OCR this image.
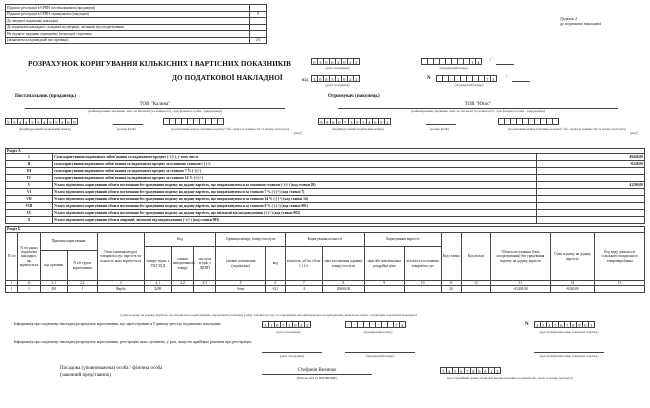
Підлягає реєстрації в ЄРПН постачальником (продавцем)	
Підлягає реєстрації в ЄРПН отримувачем (покупцем)	X
До зведеної податкової накладної	
До податкової накладної, складеної на операції, звільнені від оподаткування	
Не підлягає наданню отримувачу (покупцю) з причини	
(зазначається відповідний тип причини)	2 0
Додаток 2
до податкової накладної
РОЗРАХУНОК КОРИГУВАННЯ КІЛЬКІСНИХ І ВАРТІСНИХ ПОКАЗНИКІВ
ДО ПОДАТКОВОЇ НАКЛАДНОЇ	від
0 3 0 6 2 0 2 2
(дата складання)
1 4	/
(порядковий номер)
3 0 0 5 2 0 2 2
(дата складання)
N	7 3	/
(порядковий номер)
Постачальник (продавець)
ТОВ "Калина"
(найменування; прізвище, ім'я, по батькові (за наявності) - для фізичної особи - підприємця)
5 5 4 4 5 5 4 5 5 4 6 0
(індивідуальний податковий номер)	(номер філії)	(податковий номер платника податку¹ або серія (за наявності) та номер паспорта)
(код²)
Отримувач (покупець)
ТОВ "Юпіс"
(найменування; прізвище, ім'я, по батькові (за наявності) - для фізичної особи - підприємця)
9 8 6 0 7 3 5 5 4 6 5 2
(індивідуальний податковий номер)	(номер філії)	(податковий номер платника податку¹ або серія (за наявності) та номер паспорта)
(код²)
Розділ А		
I	Сума коригування податкового зобов'язання та податкового кредиту (-) (+), у тому числі	-49440,00
II	сума коригування податкового зобов'язання та податкового кредиту за основною ставкою (-) (+)	-8240,00
III	сума коригування податкового зобов'язання та податкового кредиту за ставкою 7 % (-) (+)	
IV	сума коригування податкового зобов'язання та податкового кредиту за ставкою 14 % (-) (+)	
V	Усього підлягають коригуванню обсяги постачання без урахування податку на додану вартість, що оподатковуються за основною ставкою (-) (+) (код ставки 20)	-41200,00
VI	Усього підлягають коригуванню обсяги постачання без урахування податку на додану вартість, що оподатковуються за ставкою 7 % (-) (+) (код ставки 7)	
VII	Усього підлягають коригуванню обсяги постачання без урахування податку на додану вартість, що оподатковуються за ставкою 14 % (-) (+) (код ставки 14)	
VIII	Усього підлягають коригуванню обсяги постачання без урахування податку на додану вартість, що оподатковуються за ставкою 0 % (-) (+) (код ставки 901)	
IX	Усього підлягають коригуванню обсяги постачання без урахування податку на додану вартість, що звільнені від оподаткування (-) (+) (код ставки 902)	
X	Усього підлягають коригуванню обсяги операцій, звільнені від оподаткування (-) (+) (код ставки 903)	
Розділ Б																		
N з/п	N з/п рядка податкової накладної, що коригується	Причина коригування		Опис (номенклатура) товарів/послуг, вартість чи кількість яких коригується	Код			Одиниця виміру товару/послуги		Коригування кількості		Коригування вартості		Код ставки	Код пільги	Обсяги постачання (база оподаткування) без урахування податку на додану вартість	Сума податку на додану вартість	Код виду діяльності сільськогосподарського товаровиробника
					товару згідно з УКТ ЗЕД	ознаки імпортованого товару	послуги згідно з ДКПП	умовне позначення (українське)	код	кількість, об'єм, обсяг (-) (+)	ціна постачання одиниці товару/послуги	ціна або максимальна роздрібна ціна	кількість постачання товарів/послуг					
		код причини	N з/п групи коригування															
1	11	2.1	2.2	3	4.1	4.2	4.3	5	6	7	8	9	10	11	12	13	14	15
1	1	301	1	Фарба	3209			бочк	621	-2	20600,00			20		-41200,00	-8240,00	
Суми податку на додану вартість, що підлягають коригуванню, нараховані (сплачені) в ціну товарів/послуг за операціями, які звільнені від оподаткування, визначені згідно з пунктами податкової накладної
Інформація про податкову накладну/розрахунок коригування, що зареєстровані в Єдиному реєстрі податкових накладних	3 1 0 5 2 0 2 2
(дата складання)
7 4
(порядковий номер)
N	2 3 4 5 6 7 8 9 0 1
(реєстраційний номер платника податку)
Інформація про податкову накладну/розрахунок коригування, реєстрацію яких зупинено, у разі, якщо не прийнято рішення про реєстрацію
(дата складання)	(порядковий номер)	(реєстраційний номер платника податку)
Посадова (уповноважена) особа / фізична особа
(законний представник)
Стефанія Величко
(Власне ім'я та ПРІЗВИЩЕ)
3 4 5 6 7 8 9 0 1 3
(реєстраційний номер облікової картки платника податків або серія та номер паспорта)
